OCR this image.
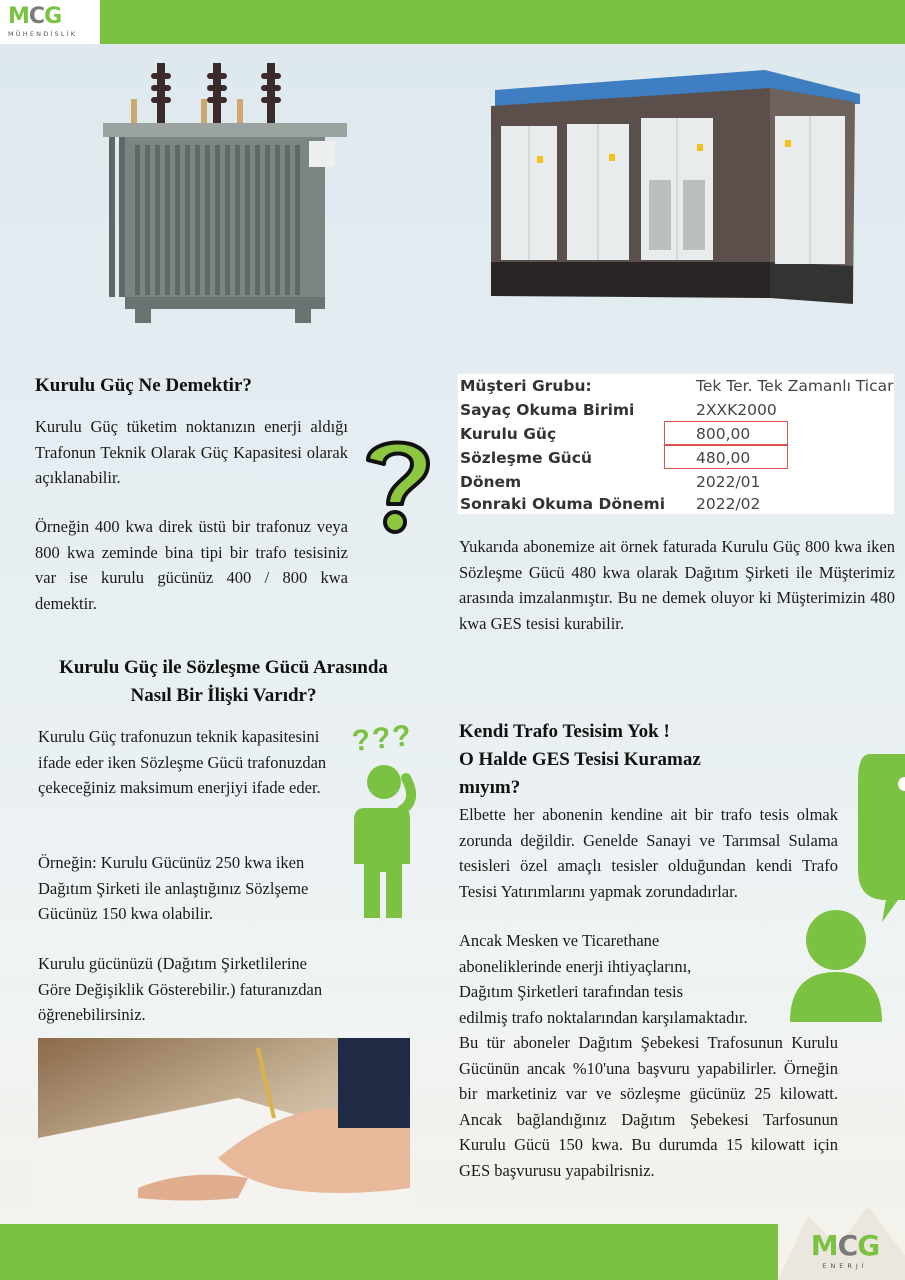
MCG
MÜHENDİSLİK
Kurulu Güç Ne Demektir?

Kurulu Güç tüketim noktanızın enerji aldığı Trafonun Teknik Olarak Güç Kapasitesi olarak açıklanabilir.

Örneğin 400 kwa direk üstü bir trafonuz veya 800 kwa zeminde bina tipi bir trafo tesisiniz var ise kurulu gücünüz 400 / 800 kwa demektir.

Müşteri Grubu:	Tek Ter. Tek Zamanlı Ticar
Sayaç Okuma Birimi	2XXK2000
Kurulu Güç	800,00
Sözleşme Gücü	480,00
Dönem	2022/01
Sonraki Okuma Dönemi 2022/02

Yukarıda abonemize ait örnek faturada Kurulu Güç 800 kwa iken Sözleşme Gücü 480 kwa olarak Dağıtım Şirketi ile Müşterimiz arasında imzalanmıştır. Bu ne demek oluyor ki Müşterimizin 480 kwa GES tesisi kurabilir.

Kurulu Güç ile Sözleşme Gücü Arasında
Nasıl Bir İlişki Varıdr?

Kurulu Güç trafonuzun teknik kapasitesini ifade eder iken Sözleşme Gücü trafonuzdan çekeceğiniz maksimum enerjiyi ifade eder.

Örneğin: Kurulu Gücünüz 250 kwa iken Dağıtım Şirketi ile anlaştığınız Sözlşeme Gücünüz 150 kwa olabilir.

Kurulu gücünüzü (Dağıtım Şirketlilerine Göre Değişiklik Gösterebilir.) faturanızdan öğrenebilirsiniz.

??? Kendi Trafo Tesisim Yok !
O Halde GES Tesisi Kuramaz
mıyım?

Elbette her abonenin kendine ait bir trafo tesis olmak zorunda değildir. Genelde Sanayi ve Tarımsal Sulama tesisleri özel amaçlı tesisler olduğundan kendi Trafo Tesisi Yatırımlarını yapmak zorundadırlar.

Ancak Mesken ve Ticarethane

aboneliklerinde enerji ihtiyaçlarını,

Dağıtım Şirketleri tarafından tesis

edilmiş trafo noktalarından karşılamaktadır.

Bu tür aboneler Dağıtım Şebekesi Trafosunun Kurulu Gücünün ancak %10'una başvuru yapabilirler. Örneğin bir marketiniz var ve sözleşme gücünüz 25 kilowatt. Ancak bağlandığınız Dağıtım Şebekesi Tarfosunun Kurulu Gücü 150 kwa. Bu durumda 15 kilowatt için GES başvurusu yapabilrisniz.

MCG
ENERJİ
